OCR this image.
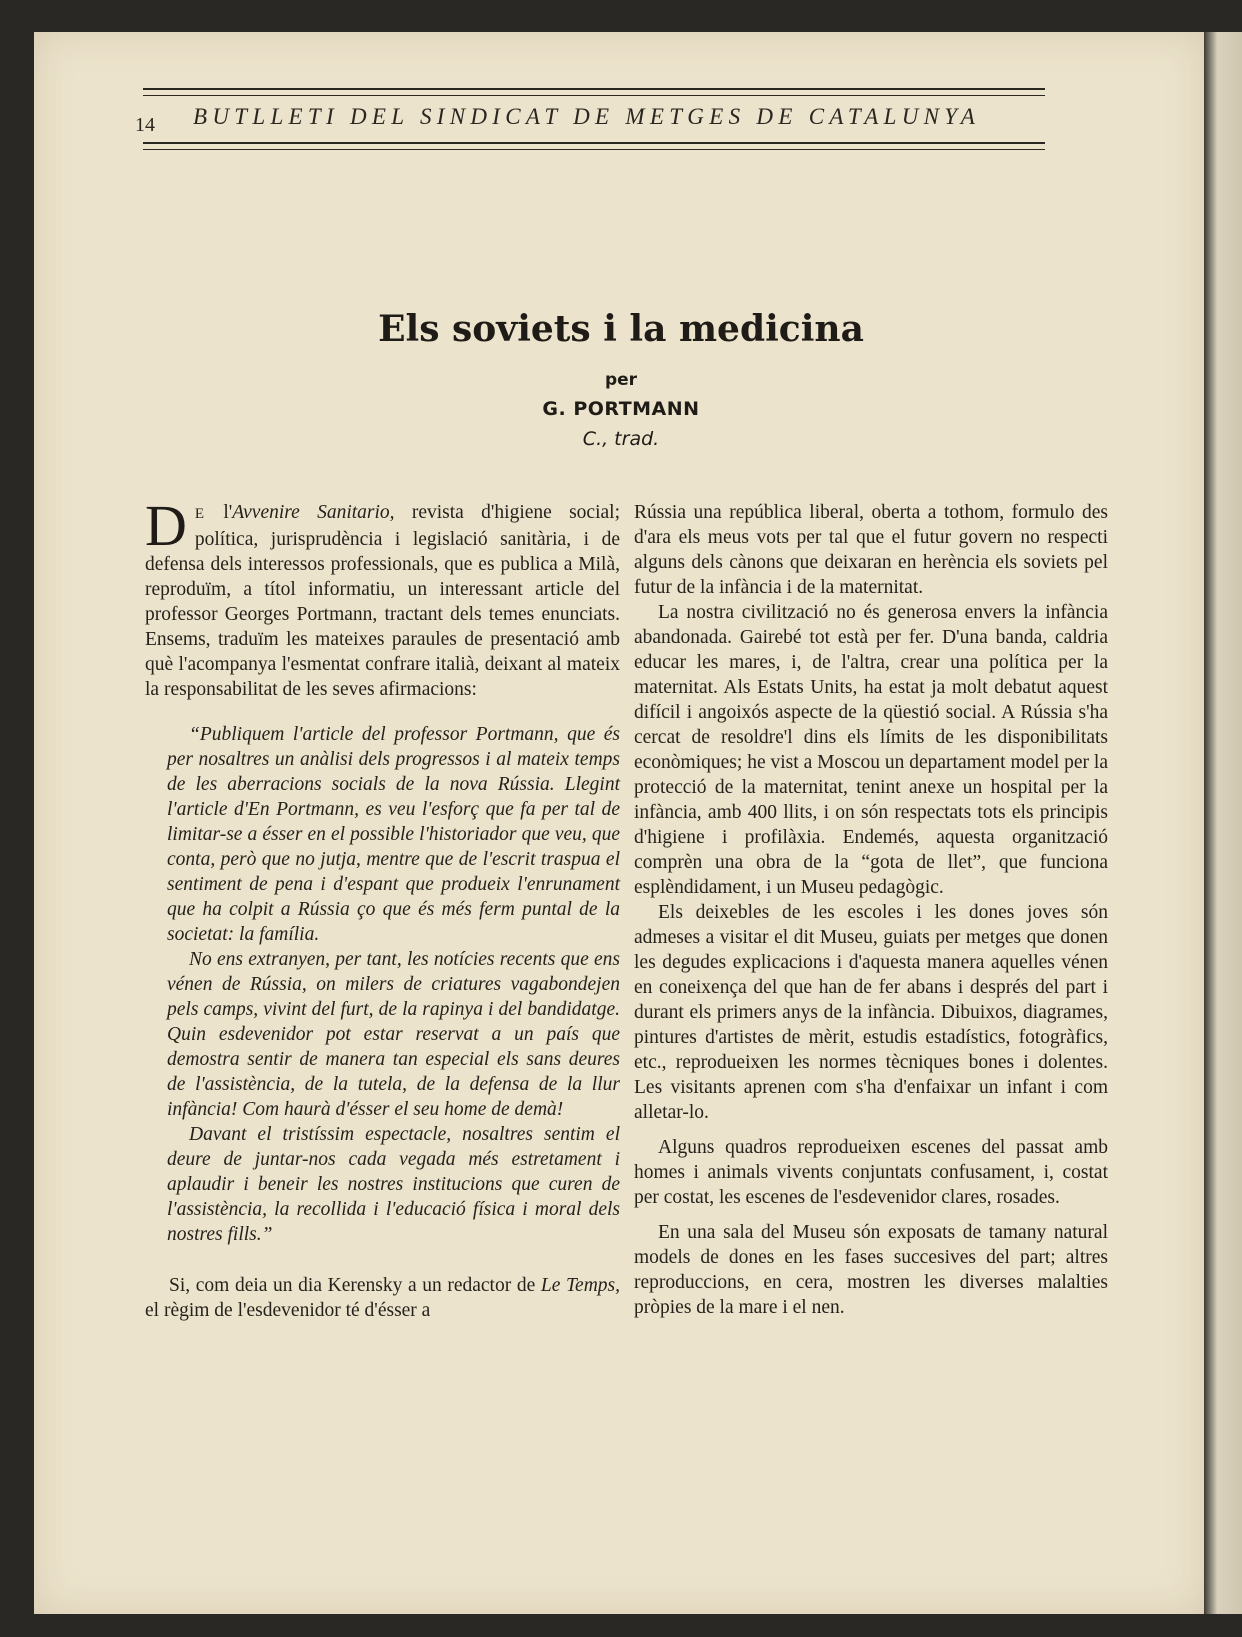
14 BUTLLETI DEL SINDICAT DE METGES DE CATALUNYA
Els soviets i la medicina
per
G. PORTMANN
C., trad.

D E l'Avvenire Sanitario, revista d'higiene social; política, jurisprudència i legislació sanitària, i de defensa dels interessos professionals, que es publica a Milà, reproduïm, a títol informatiu, un interessant article del professor Georges Portmann, tractant dels temes enunciats. Ensems, traduïm les mateixes paraules de presentació amb què l'acompanya l'esmentat confrare italià, deixant al mateix la responsabilitat de les seves afirmacions:

“Publiquem l'article del professor Portmann, que és per nosaltres un anàlisi dels progressos i al mateix temps de les aberracions socials de la nova Rússia. Llegint l'article d'En Portmann, es veu l'esforç que fa per tal de limitar-se a ésser en el possible l'historiador que veu, que conta, però que no jutja, mentre que de l'escrit traspua el sentiment de pena i d'espant que produeix l'enrunament que ha colpit a Rússia ço que és més ferm puntal de la societat: la família.

No ens extranyen, per tant, les notícies recents que ens vénen de Rússia, on milers de criatures vagabondejen pels camps, vivint del furt, de la rapinya i del bandidatge. Quin esdevenidor pot estar reservat a un país que demostra sentir de manera tan especial els sans deures de l'assistència, de la tutela, de la defensa de la llur infància! Com haurà d'ésser el seu home de demà!

Davant el tristíssim espectacle, nosaltres sentim el deure de juntar-nos cada vegada més estretament i aplaudir i beneir les nostres institucions que curen de l'assistència, la recollida i l'educació física i moral dels nostres fills.”

Si, com deia un dia Kerensky a un redactor de Le Temps, el règim de l'esdevenidor té d'ésser a

Rússia una república liberal, oberta a tothom, formulo des d'ara els meus vots per tal que el futur govern no respecti alguns dels cànons que deixaran en herència els soviets pel futur de la infància i de la maternitat.

La nostra civilització no és generosa envers la infància abandonada. Gairebé tot està per fer. D'una banda, caldria educar les mares, i, de l'altra, crear una política per la maternitat. Als Estats Units, ha estat ja molt debatut aquest difícil i angoixós aspecte de la qüestió social. A Rússia s'ha cercat de resoldre'l dins els límits de les disponibilitats econòmiques; he vist a Moscou un departament model per la protecció de la maternitat, tenint anexe un hospital per la infància, amb 400 llits, i on són respectats tots els principis d'higiene i profilàxia. Endemés, aquesta organització comprèn una obra de la “gota de llet”, que funciona esplèndidament, i un Museu pedagògic.

Els deixebles de les escoles i les dones joves són admeses a visitar el dit Museu, guiats per metges que donen les degudes explicacions i d'aquesta manera aquelles vénen en coneixença del que han de fer abans i després del part i durant els primers anys de la infància. Dibuixos, diagrames, pintures d'artistes de mèrit, estudis estadístics, fotogràfics, etc., reprodueixen les normes tècniques bones i dolentes. Les visitants aprenen com s'ha d'enfaixar un infant i com alletar-lo.

Alguns quadros reprodueixen escenes del passat amb homes i animals vivents conjuntats confusament, i, costat per costat, les escenes de l'esdevenidor clares, rosades.

En una sala del Museu són exposats de tamany natural models de dones en les fases succesives del part; altres reproduccions, en cera, mostren les diverses malalties pròpies de la mare i el nen.
